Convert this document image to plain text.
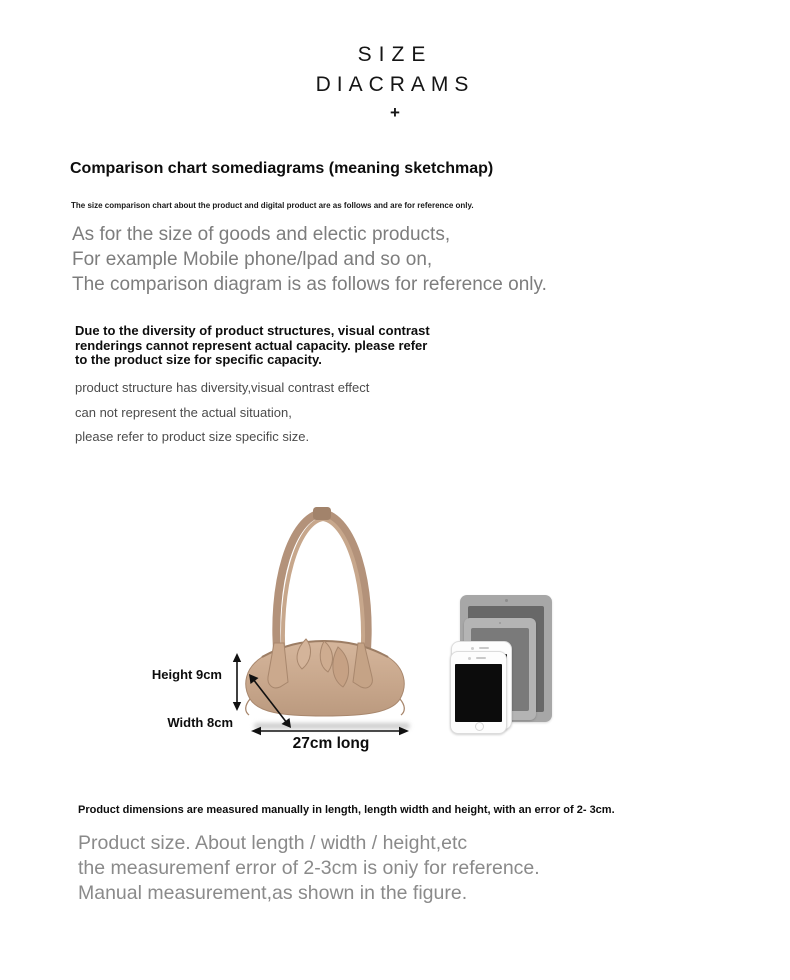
SIZE
DIACRAMS
+
Comparison chart somediagrams (meaning sketchmap)
The size comparison chart about the product and digital product are as follows and are for reference only.
As for the size of goods and electic products,
For example Mobile phone/lpad and so on,
The comparison diagram is as follows for reference only.
Due to the diversity of product structures, visual contrast
renderings cannot represent actual capacity. please refer
to the product size for specific capacity.
product structure has diversity,visual contrast effect
can not represent the actual situation,
please refer to product size specific size.
Height 9cm
Width 8cm
27cm long
Product dimensions are measured manually in length, length width and height, with an error of 2- 3cm.
Product size. About length / width / height,etc
the measuremenf error of 2-3cm is oniy for reference.
Manual measurement,as shown in the figure.
